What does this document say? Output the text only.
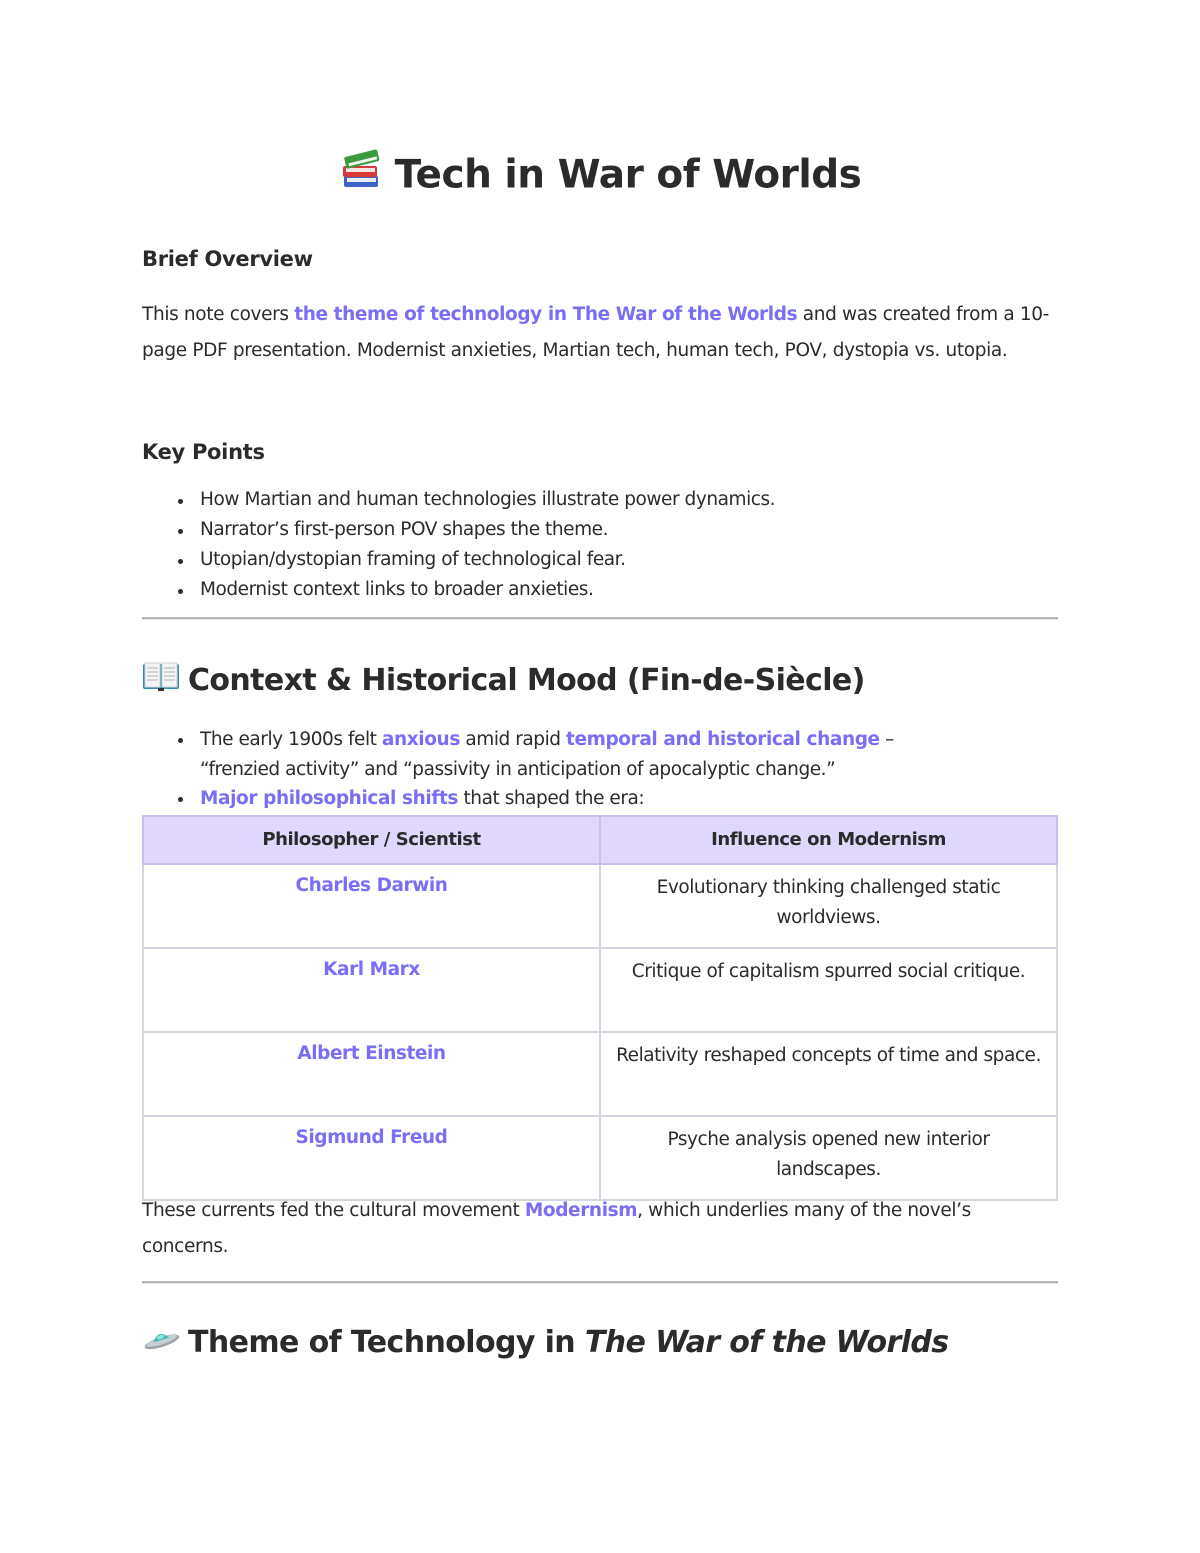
Tech in War of Worlds
Brief Overview

This note covers the theme of technology in The War of the Worlds and was created from a 10-page PDF presentation. Modernist anxieties, Martian tech, human tech, POV, dystopia vs. utopia.

Key Points
How Martian and human technologies illustrate power dynamics.
Narrator’s first-person POV shapes the theme.
Utopian/dystopian framing of technological fear.
Modernist context links to broader anxieties.
Context & Historical Mood (Fin-de-Siècle)
The early 1900s felt anxious amid rapid temporal and historical change –
“frenzied activity” and “passivity in anticipation of apocalyptic change.”
Major philosophical shifts that shaped the era:
Philosopher / Scientist	Influence on Modernism
Charles Darwin	Evolutionary thinking challenged static worldviews.
Karl Marx	Critique of capitalism spurred social critique.
Albert Einstein	Relativity reshaped concepts of time and space.
Sigmund Freud	Psyche analysis opened new interior landscapes.

These currents fed the cultural movement Modernism, which underlies many of the novel’s concerns.

Theme of Technology in The War of the Worlds
